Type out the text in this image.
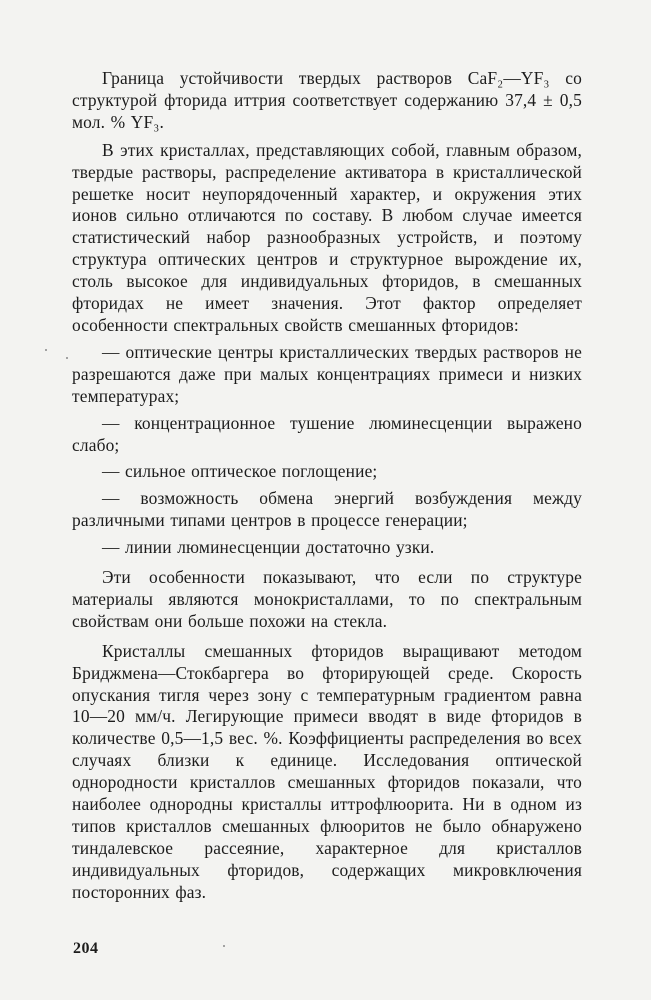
Граница устойчивости твердых растворов CaF₂—YF₃ со структурой фторида иттрия соответствует содержанию 37,4 ± 0,5 мол. % YF₃.

В этих кристаллах, представляющих собой, главным образом, твердые растворы, распределение активатора в кристаллической решетке носит неупорядоченный характер, и окружения этих ионов сильно отличаются по составу. В любом случае имеется статистический набор разнообразных устройств, и поэтому структура оптических центров и структурное вырождение их, столь высокое для индивидуальных фторидов, в смешанных фторидах не имеет значения. Этот фактор определяет особенности спектральных свойств смешанных фторидов:

— оптические центры кристаллических твердых растворов не разрешаются даже при малых концентрациях примеси и низких температурах;

— концентрационное тушение люминесценции выражено слабо;

— сильное оптическое поглощение;

— возможность обмена энергий возбуждения между различными типами центров в процессе генерации;

— линии люминесценции достаточно узки.

Эти особенности показывают, что если по структуре материалы являются монокристаллами, то по спектральным свойствам они больше похожи на стекла.

Кристаллы смешанных фторидов выращивают методом Бриджмена—Стокбаргера во фторирующей среде. Скорость опускания тигля через зону с температурным градиентом равна 10—20 мм/ч. Легирующие примеси вводят в виде фторидов в количестве 0,5—1,5 вес. %. Коэффициенты распределения во всех случаях близки к единице. Исследования оптической однородности кристаллов смешанных фторидов показали, что наиболее однородны кристаллы иттрофлюорита. Ни в одном из типов кристаллов смешанных флюоритов не было обнаружено тиндалевское рассеяние, характерное для кристаллов индивидуальных фторидов, содержащих микровключения посторонних фаз.

204
